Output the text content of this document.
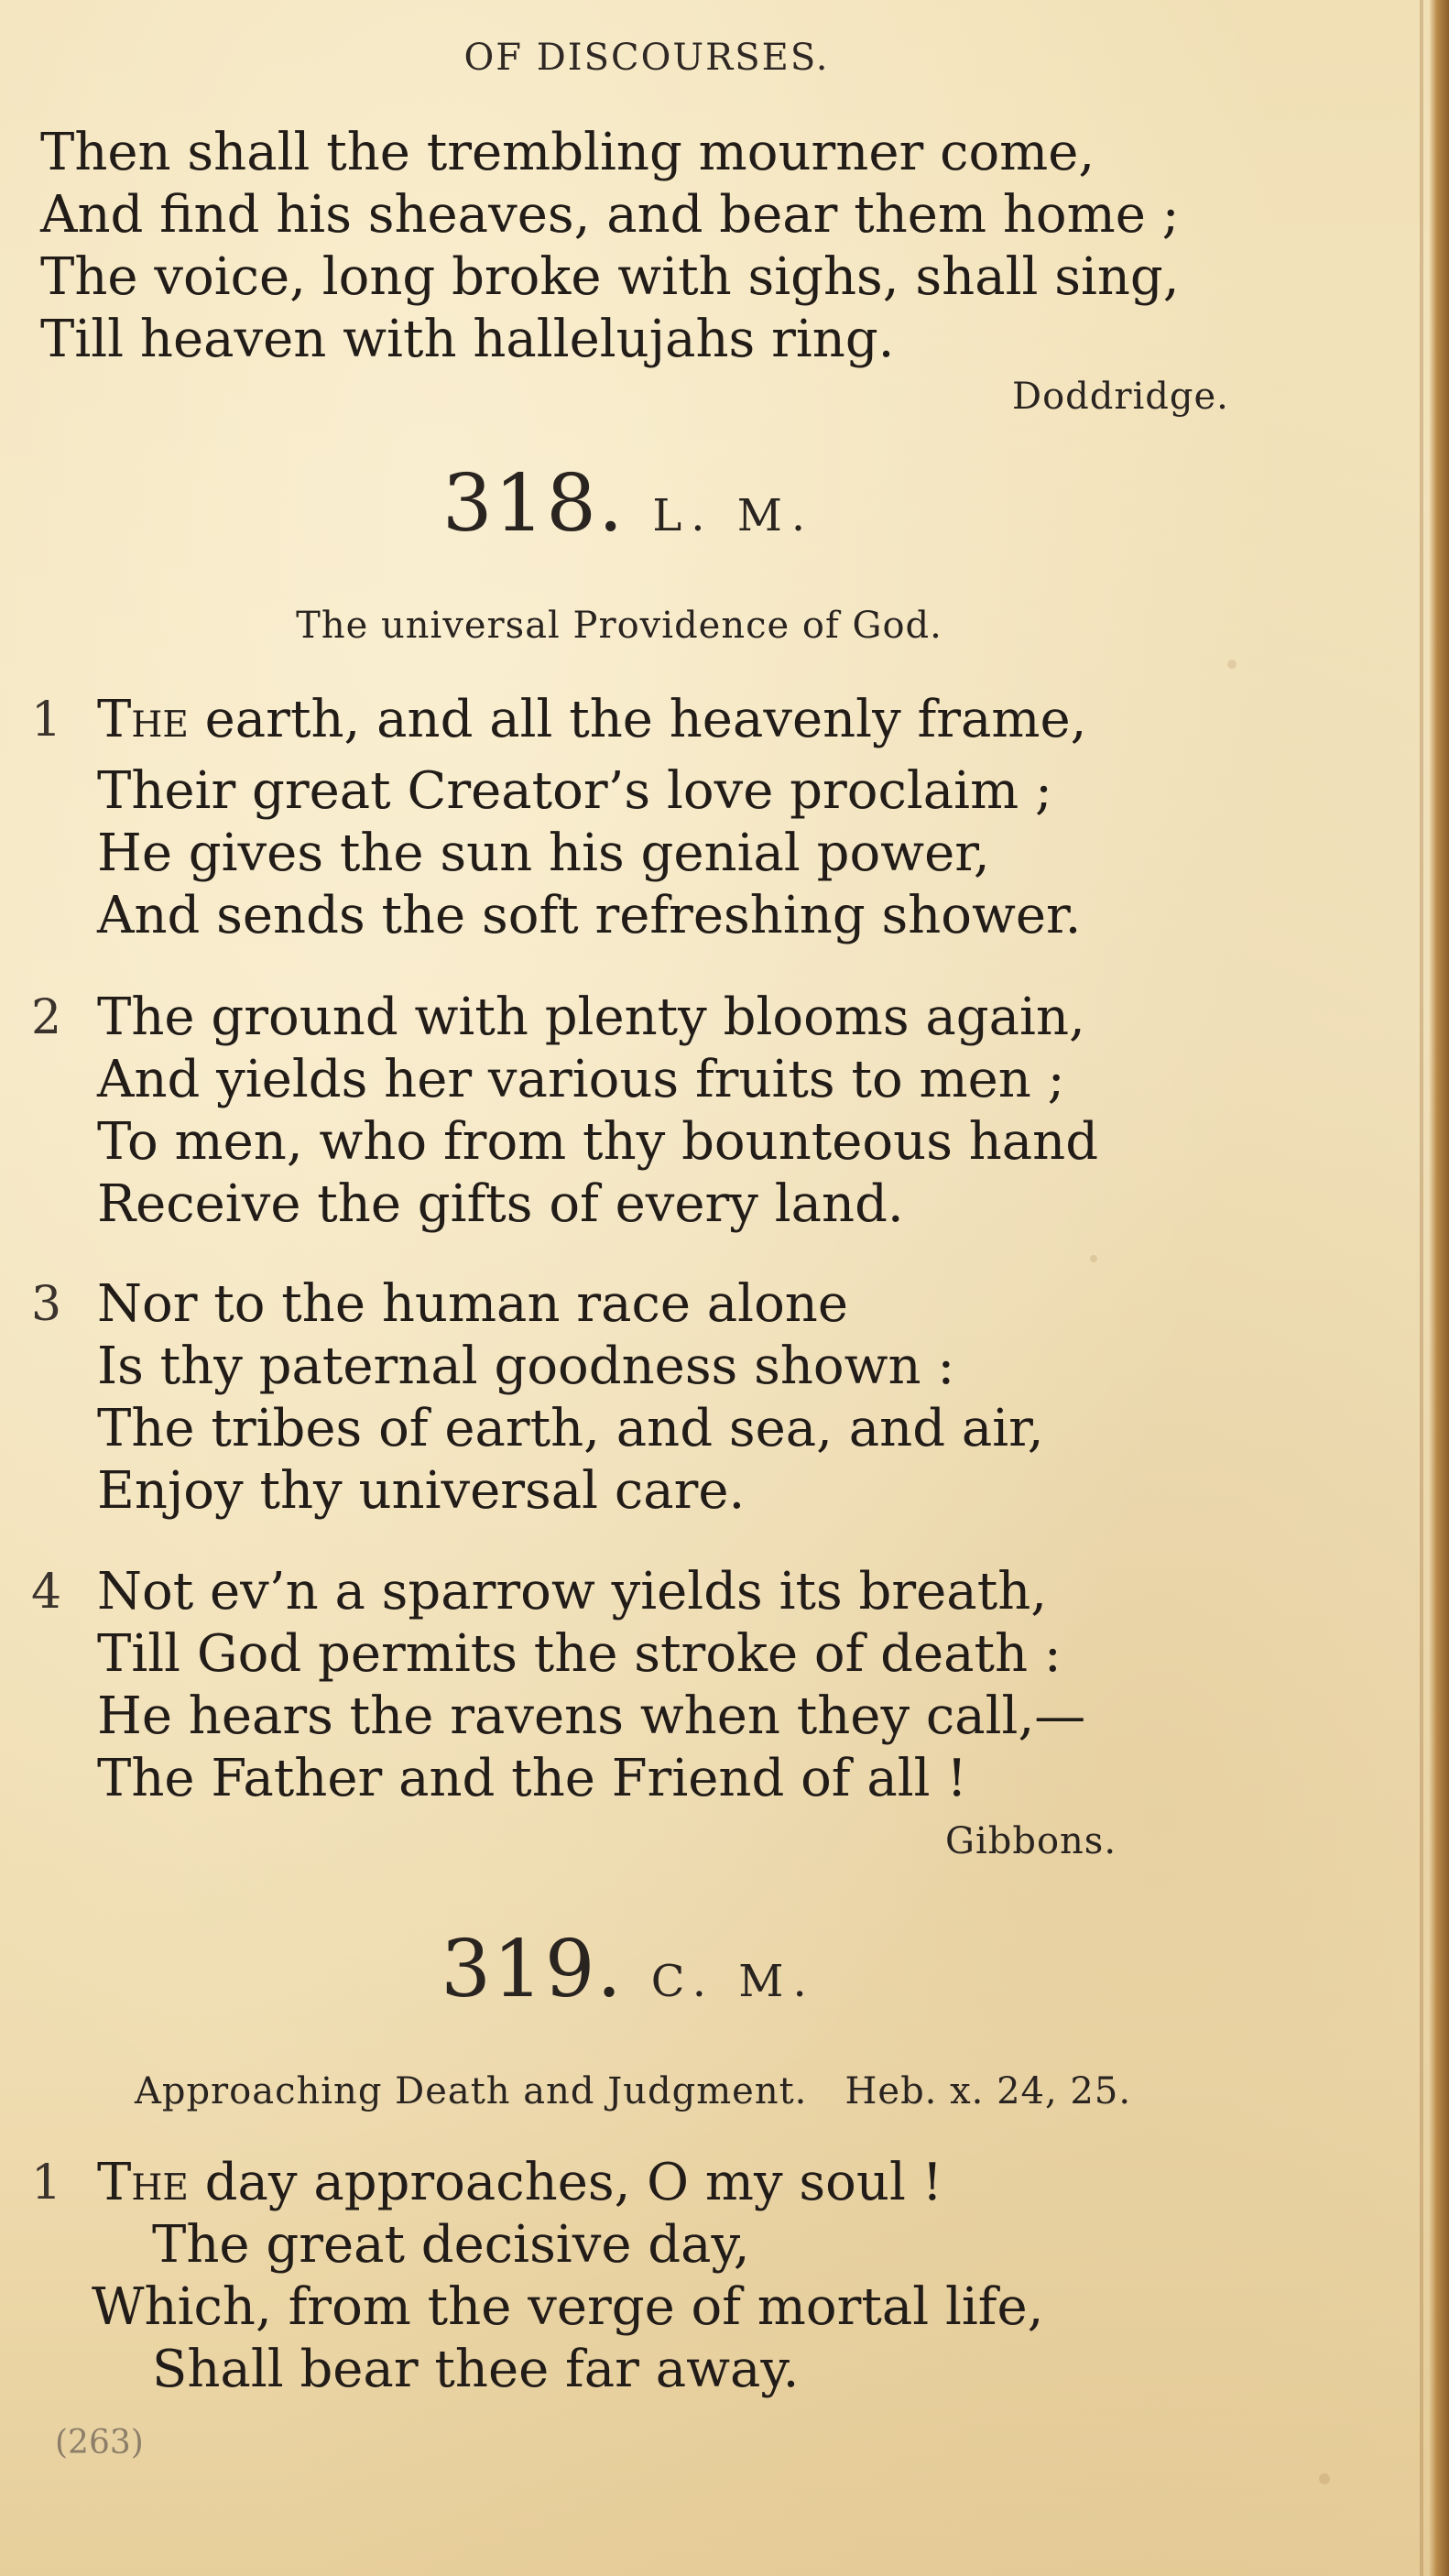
OF DISCOURSES.
Then shall the trembling mourner come,
And find his sheaves, and bear them home ;
The voice, long broke with sighs, shall sing,
Till heaven with hallelujahs ring.
Doddridge.
318. L. M.
The universal Providence of God.
1 The earth, and all the heavenly frame,
Their great Creator’s love proclaim ;
He gives the sun his genial power,
And sends the soft refreshing shower.
2 The ground with plenty blooms again,
And yields her various fruits to men ;
To men, who from thy bounteous hand
Receive the gifts of every land.
3 Nor to the human race alone
Is thy paternal goodness shown :
The tribes of earth, and sea, and air,
Enjoy thy universal care.
4 Not ev’n a sparrow yields its breath,
Till God permits the stroke of death :
He hears the ravens when they call,—
The Father and the Friend of all !
Gibbons.
319. C. M.
Approaching Death and Judgment.   Heb. x. 24, 25.
1 The day approaches, O my soul !
The great decisive day,
Which, from the verge of mortal life,
Shall bear thee far away.
(263)
